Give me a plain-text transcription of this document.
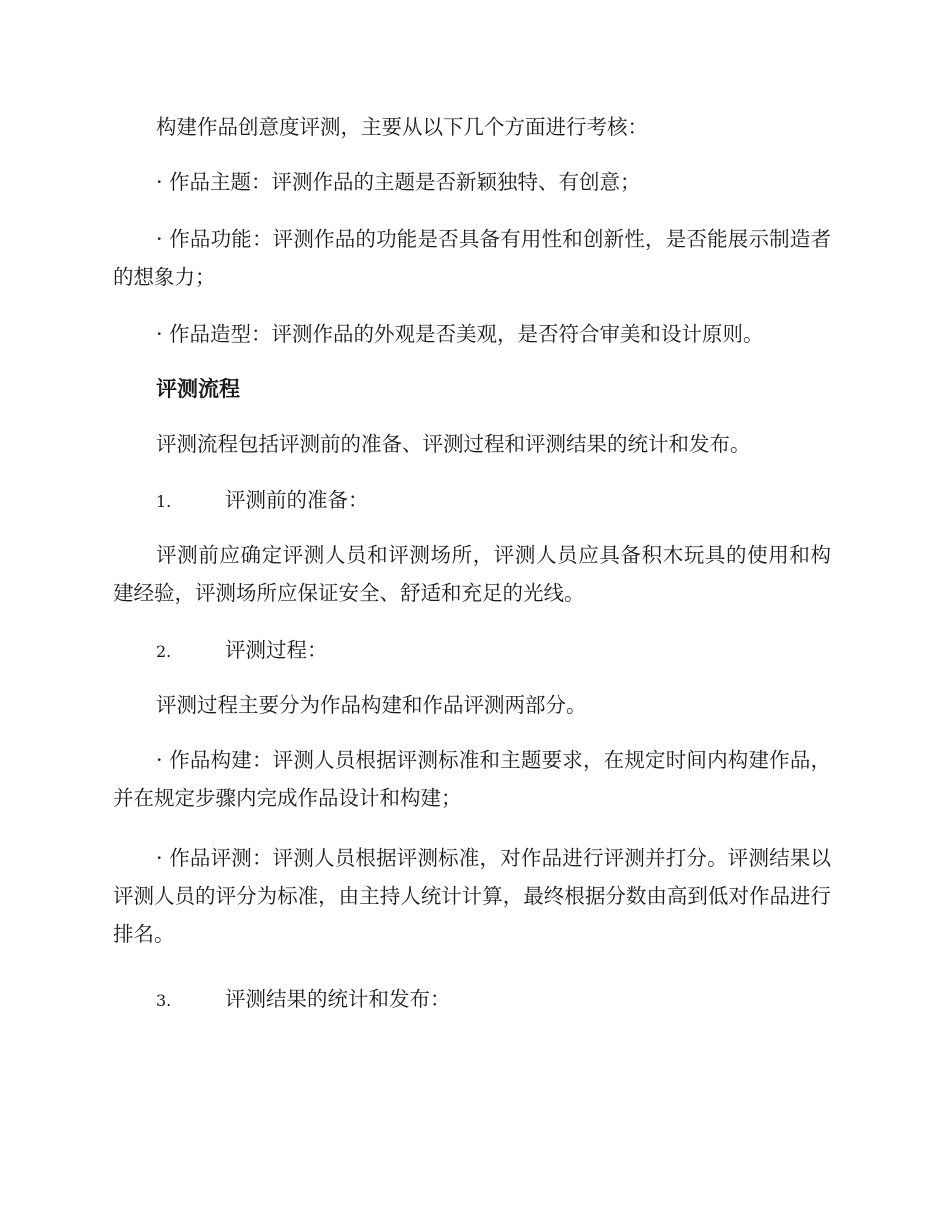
构建作品创意度评测，主要从以下几个方面进行考核：

· 作品主题：评测作品的主题是否新颖独特、有创意；

· 作品功能：评测作品的功能是否具备有用性和创新性，是否能展示制造者的想象力；

· 作品造型：评测作品的外观是否美观，是否符合审美和设计原则。

评测流程

评测流程包括评测前的准备、评测过程和评测结果的统计和发布。

1.	评测前的准备：

评测前应确定评测人员和评测场所，评测人员应具备积木玩具的使用和构建经验，评测场所应保证安全、舒适和充足的光线。

2.	评测过程：

评测过程主要分为作品构建和作品评测两部分。

· 作品构建：评测人员根据评测标准和主题要求，在规定时间内构建作品，并在规定步骤内完成作品设计和构建；

· 作品评测：评测人员根据评测标准，对作品进行评测并打分。评测结果以评测人员的评分为标准，由主持人统计计算，最终根据分数由高到低对作品进行排名。

3.	评测结果的统计和发布：
